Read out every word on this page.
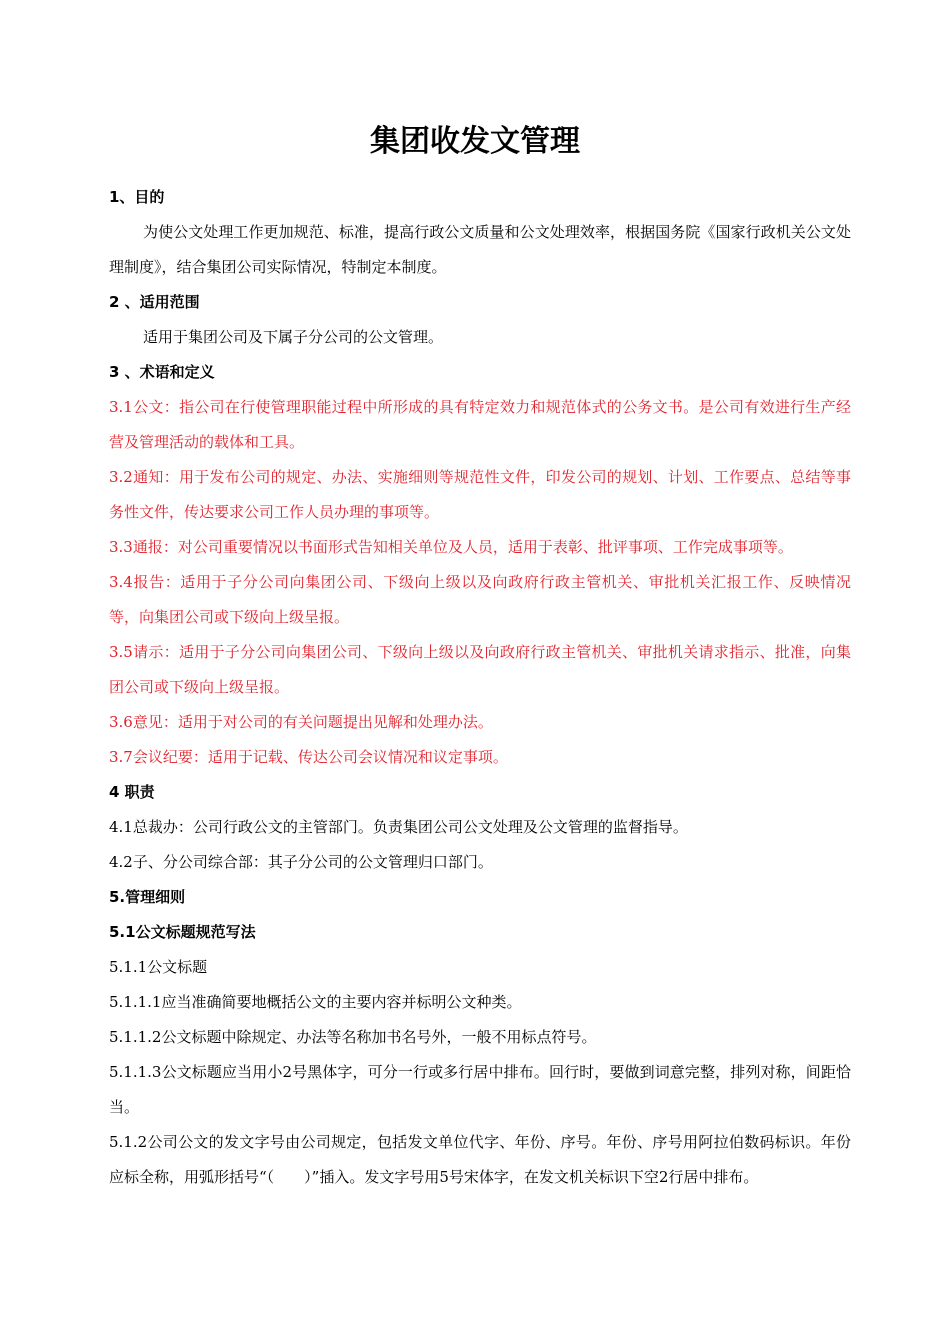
集团收发文管理

1、目的

为使公文处理工作更加规范、标准，提高行政公文质量和公文处理效率，根据国务院《国家行政机关公文处理制度》，结合集团公司实际情况，特制定本制度。

2 、适用范围

适用于集团公司及下属子分公司的公文管理。

3 、术语和定义

3.1公文：指公司在行使管理职能过程中所形成的具有特定效力和规范体式的公务文书。是公司有效进行生产经营及管理活动的载体和工具。

3.2通知：用于发布公司的规定、办法、实施细则等规范性文件，印发公司的规划、计划、工作要点、总结等事务性文件，传达要求公司工作人员办理的事项等。

3.3通报：对公司重要情况以书面形式告知相关单位及人员，适用于表彰、批评事项、工作完成事项等。

3.4报告：适用于子分公司向集团公司、下级向上级以及向政府行政主管机关、审批机关汇报工作、反映情况等，向集团公司或下级向上级呈报。

3.5请示：适用于子分公司向集团公司、下级向上级以及向政府行政主管机关、审批机关请求指示、批准，向集团公司或下级向上级呈报。

3.6意见：适用于对公司的有关问题提出见解和处理办法。

3.7会议纪要：适用于记载、传达公司会议情况和议定事项。

4 职责

4.1总裁办：公司行政公文的主管部门。负责集团公司公文处理及公文管理的监督指导。

4.2子、分公司综合部：其子分公司的公文管理归口部门。

5.管理细则

5.1公文标题规范写法

5.1.1公文标题

5.1.1.1应当准确简要地概括公文的主要内容并标明公文种类。

5.1.1.2公文标题中除规定、办法等名称加书名号外，一般不用标点符号。

5.1.1.3公文标题应当用小2号黑体字，可分一行或多行居中排布。回行时，要做到词意完整，排列对称，间距恰当。

5.1.2公司公文的发文字号由公司规定，包括发文单位代字、年份、序号。年份、序号用阿拉伯数码标识。年份应标全称，用弧形括号“（　　）”插入。发文字号用5号宋体字，在发文机关标识下空2行居中排布。
